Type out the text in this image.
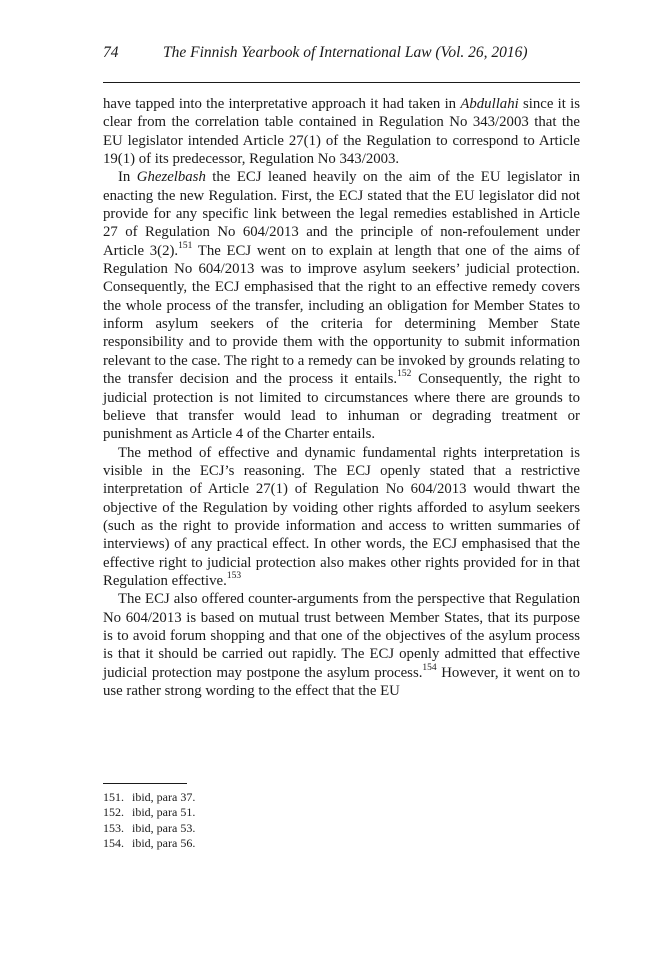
74	The Finnish Yearbook of International Law (Vol. 26, 2016)

have tapped into the interpretative approach it had taken in Abdullahi since it is clear from the correlation table contained in Regulation No 343/2003 that the EU legislator intended Article 27(1) of the Regulation to correspond to Article 19(1) of its predecessor, Regulation No 343/2003.

In Ghezelbash the ECJ leaned heavily on the aim of the EU legislator in enacting the new Regulation. First, the ECJ stated that the EU legislator did not provide for any specific link between the legal remedies established in Article 27 of Regulation No 604/2013 and the principle of non-refoulement under Article 3(2).$^{151}$ The ECJ went on to explain at length that one of the aims of Regulation No 604/2013 was to improve asylum seekers’ judicial protection. Consequently, the ECJ emphasised that the right to an effective remedy covers the whole process of the transfer, including an obligation for Member States to inform asylum seekers of the criteria for determining Member State responsibility and to provide them with the opportunity to submit information relevant to the case. The right to a remedy can be invoked by grounds relating to the transfer decision and the process it entails.$^{152}$ Consequently, the right to judicial protection is not limited to circumstances where there are grounds to believe that transfer would lead to inhuman or degrading treatment or punishment as Article 4 of the Charter entails.

The method of effective and dynamic fundamental rights interpretation is visible in the ECJ’s reasoning. The ECJ openly stated that a restrictive interpretation of Article 27(1) of Regulation No 604/2013 would thwart the objective of the Regulation by voiding other rights afforded to asylum seekers (such as the right to provide information and access to written summaries of interviews) of any practical effect. In other words, the ECJ emphasised that the effective right to judicial protection also makes other rights provided for in that Regulation effective.$^{153}$

The ECJ also offered counter-arguments from the perspective that Regulation No 604/2013 is based on mutual trust between Member States, that its purpose is to avoid forum shopping and that one of the objectives of the asylum process is that it should be carried out rapidly. The ECJ openly admitted that effective judicial protection may postpone the asylum process.$^{154}$ However, it went on to use rather strong wording to the effect that the EU

151. ibid, para 37.
152. ibid, para 51.
153. ibid, para 53.
154. ibid, para 56.
